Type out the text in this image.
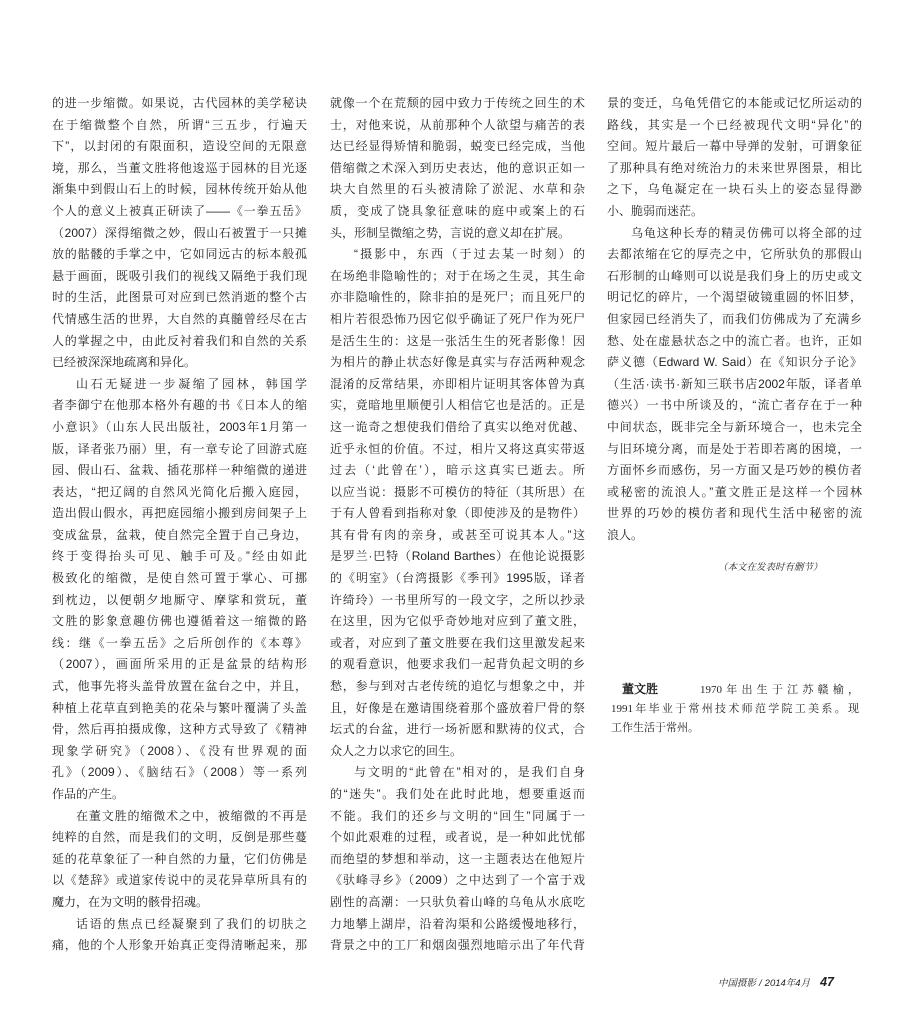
的进一步缩微。如果说，古代园林的美学秘诀
在于缩微整个自然，所谓“三五步，行遍天
下”，以封闭的有限面积，造设空间的无限意
境，那么，当董文胜将他逡巡于园林的目光逐
渐集中到假山石上的时候，园林传统开始从他
个人的意义上被真正研读了——《一拳五岳》
（2007）深得缩微之妙，假山石被置于一只摊
放的骷髅的手掌之中，它如同远古的标本般孤
悬于画面，既吸引我们的视线又隔绝于我们现
时的生活，此图景可对应到已然消逝的整个古
代情感生活的世界，大自然的真髓曾经尽在古
人的掌握之中，由此反衬着我们和自然的关系
已经被深深地疏离和异化。
山石无疑进一步凝缩了园林，韩国学
者李御宁在他那本格外有趣的书《日本人的缩
小意识》（山东人民出版社，2003年1月第一
版，译者张乃丽）里，有一章专论了回游式庭
园、假山石、盆栽、插花那样一种缩微的递进
表达，“把辽阔的自然风光简化后搬入庭园，
造出假山假水，再把庭园缩小搬到房间架子上
变成盆景，盆栽，使自然完全置于自己身边，
终于变得抬头可见、触手可及。”经由如此
极致化的缩微，是使自然可置于掌心、可挪
到枕边，以便朝夕地厮守、摩挲和赏玩，董
文胜的影象意趣仿佛也遵循着这一缩微的路
线：继《一拳五岳》之后所创作的《本尊》
（2007），画面所采用的正是盆景的结构形
式，他事先将头盖骨放置在盆台之中，并且，
种植上花草直到艳美的花朵与繁叶覆满了头盖
骨，然后再拍摄成像，这种方式导致了《精神
现象学研究》（2008）、《没有世界观的面
孔》（2009）、《脑结石》（2008）等一系列
作品的产生。
在董文胜的缩微术之中，被缩微的不再是
纯粹的自然，而是我们的文明，反倒是那些蔓
延的花草象征了一种自然的力量，它们仿佛是
以《楚辞》或道家传说中的灵花异草所具有的
魔力，在为文明的骸骨招魂。
话语的焦点已经凝聚到了我们的切肤之
痛，他的个人形象开始真正变得清晰起来，那
就像一个在荒颓的园中致力于传统之回生的术
士，对他来说，从前那种个人欲望与痛苦的表
达已经显得矫情和脆弱，蜕变已经完成，当他
借缩微之术深入到历史表达，他的意识正如一
块大自然里的石头被清除了淤泥、水草和杂
质，变成了饶具象征意味的庭中或案上的石
头，形制呈微缩之势，言说的意义却在扩展。
“摄影中，东西（于过去某一时刻）的
在场绝非隐喻性的；对于在场之生灵，其生命
亦非隐喻性的，除非拍的是死尸；而且死尸的
相片若很恐怖乃因它似乎确证了死尸作为死尸
是活生生的：这是一张活生生的死者影像！因
为相片的静止状态好像是真实与存活两种观念
混淆的反常结果，亦即相片证明其客体曾为真
实，竟暗地里顺便引人相信它也是活的。正是
这一诡奇之想使我们借给了真实以绝对优越、
近乎永恒的价值。不过，相片又将这真实带返
过去（‘此曾在’），暗示这真实已逝去。所
以应当说：摄影不可模仿的特征（其所思）在
于有人曾看到指称对象（即使涉及的是物件）
其有骨有肉的亲身，或甚至可说其本人。”这
是罗兰·巴特（Roland Barthes）在他论说摄影
的《明室》（台湾摄影《季刊》1995版，译者
许绮玲）一书里所写的一段文字，之所以抄录
在这里，因为它似乎奇妙地对应到了董文胜，
或者，对应到了董文胜要在我们这里激发起来
的观看意识，他要求我们一起背负起文明的乡
愁，参与到对古老传统的追忆与想象之中，并
且，好像是在邀请围绕着那个盛放着尸骨的祭
坛式的台盆，进行一场祈愿和默祷的仪式，合
众人之力以求它的回生。
与文明的“此曾在”相对的，是我们自身
的“迷失”。我们处在此时此地，想要重返而
不能。我们的还乡与文明的“回生”同属于一
个如此艰难的过程，或者说，是一种如此忧郁
而绝望的梦想和举动，这一主题表达在他短片
《驮峰寻乡》（2009）之中达到了一个富于戏
剧性的高潮：一只驮负着山峰的乌龟从水底吃
力地攀上湖岸，沿着沟渠和公路缓慢地移行，
背景之中的工厂和烟囱强烈地暗示出了年代背
景的变迁，乌龟凭借它的本能或记忆所运动的
路线，其实是一个已经被现代文明“异化”的
空间。短片最后一幕中导弹的发射，可谓象征
了那种具有绝对统治力的未来世界图景，相比
之下，乌龟凝定在一块石头上的姿态显得渺
小、脆弱而迷茫。
乌龟这种长寿的精灵仿佛可以将全部的过
去都浓缩在它的厚壳之中，它所驮负的那假山
石形制的山峰则可以说是我们身上的历史或文
明记忆的碎片，一个渴望破镜重圆的怀旧梦，
但家园已经消失了，而我们仿佛成为了充满乡
愁、处在虚悬状态之中的流亡者。也许，正如
萨义德（Edward W. Said）在《知识分子论》
（生活·读书·新知三联书店2002年版，译者单
德兴）一书中所谈及的，“流亡者存在于一种
中间状态，既非完全与新环境合一，也未完全
与旧环境分离，而是处于若即若离的困境，一
方面怀乡而感伤，另一方面又是巧妙的模仿者
或秘密的流浪人。”董文胜正是这样一个园林
世界的巧妙的模仿者和现代生活中秘密的流
浪人。
（本文在发表时有删节）
董文胜	1970年出生于江苏赣榆，
1991年毕业于常州技术师范学院工美系。现
工作生活于常州。
中国摄影 / 2014年4月 47
